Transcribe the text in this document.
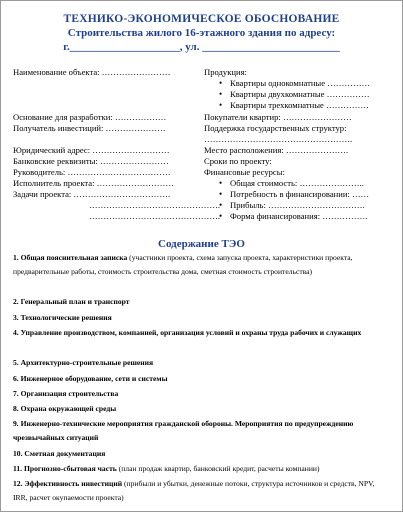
ТЕХНИКО-ЭКОНОМИЧЕСКОЕ ОБОСНОВАНИЕ
Строительства жилого 16-этажного здания по адресу:
г.____________________, ул. _________________________
Наименование объекта: ……………………
Основание для разработки: ………………
Получатель инвестиций: …………………
Юридический адрес: ………………………
Банковские реквизиты: ……………………
Руководитель: ………………………………
Исполнитель проекта: ………………………
Задачи проекта: …………………………….
……………………………………….
……………………………………….
Продукция:
• Квартиры однокомнатные ……………
• Квартиры двухкомнатные ……………
• Квартиры трехкомнатные ……………
Покупатели квартир: ……………………
Поддержка государственных структур:
…………………………………………….
Место расположения: ………………….
Сроки по проекту:
Финансовые ресурсы:
• Общая стоимость: …………………..
• Потребность в финансировании: ……
• Прибыль: …………………………….
• Форма финансирования: …………….
Содержание ТЭО
1. Общая пояснительная записка (участники проекта, схема запуска проекта, характеристики проекта, предварительные работы, стоимость строительства дома, сметная стоимость строительства)
2. Генеральный план и транспорт
3. Технологические решения
4. Управление производством, компанией, организация условий и охраны труда рабочих и служащих
5. Архитектурно-строительные решения
6. Инженерное оборудование, сети и системы
7. Организация строительства
8. Охрана окружающей среды
9. Инженерно-технические мероприятия гражданской обороны. Мероприятия по предупреждению чрезвычайных ситуаций
10. Сметная документация
11. Прогнозно-сбытовая часть (план продаж квартир, банковский кредит, расчеты компании)
12. Эффективность инвестиций (прибыли и убытки, денежные потоки, структура источников и средств, NPV, IRR, расчет окупаемости проекта)
